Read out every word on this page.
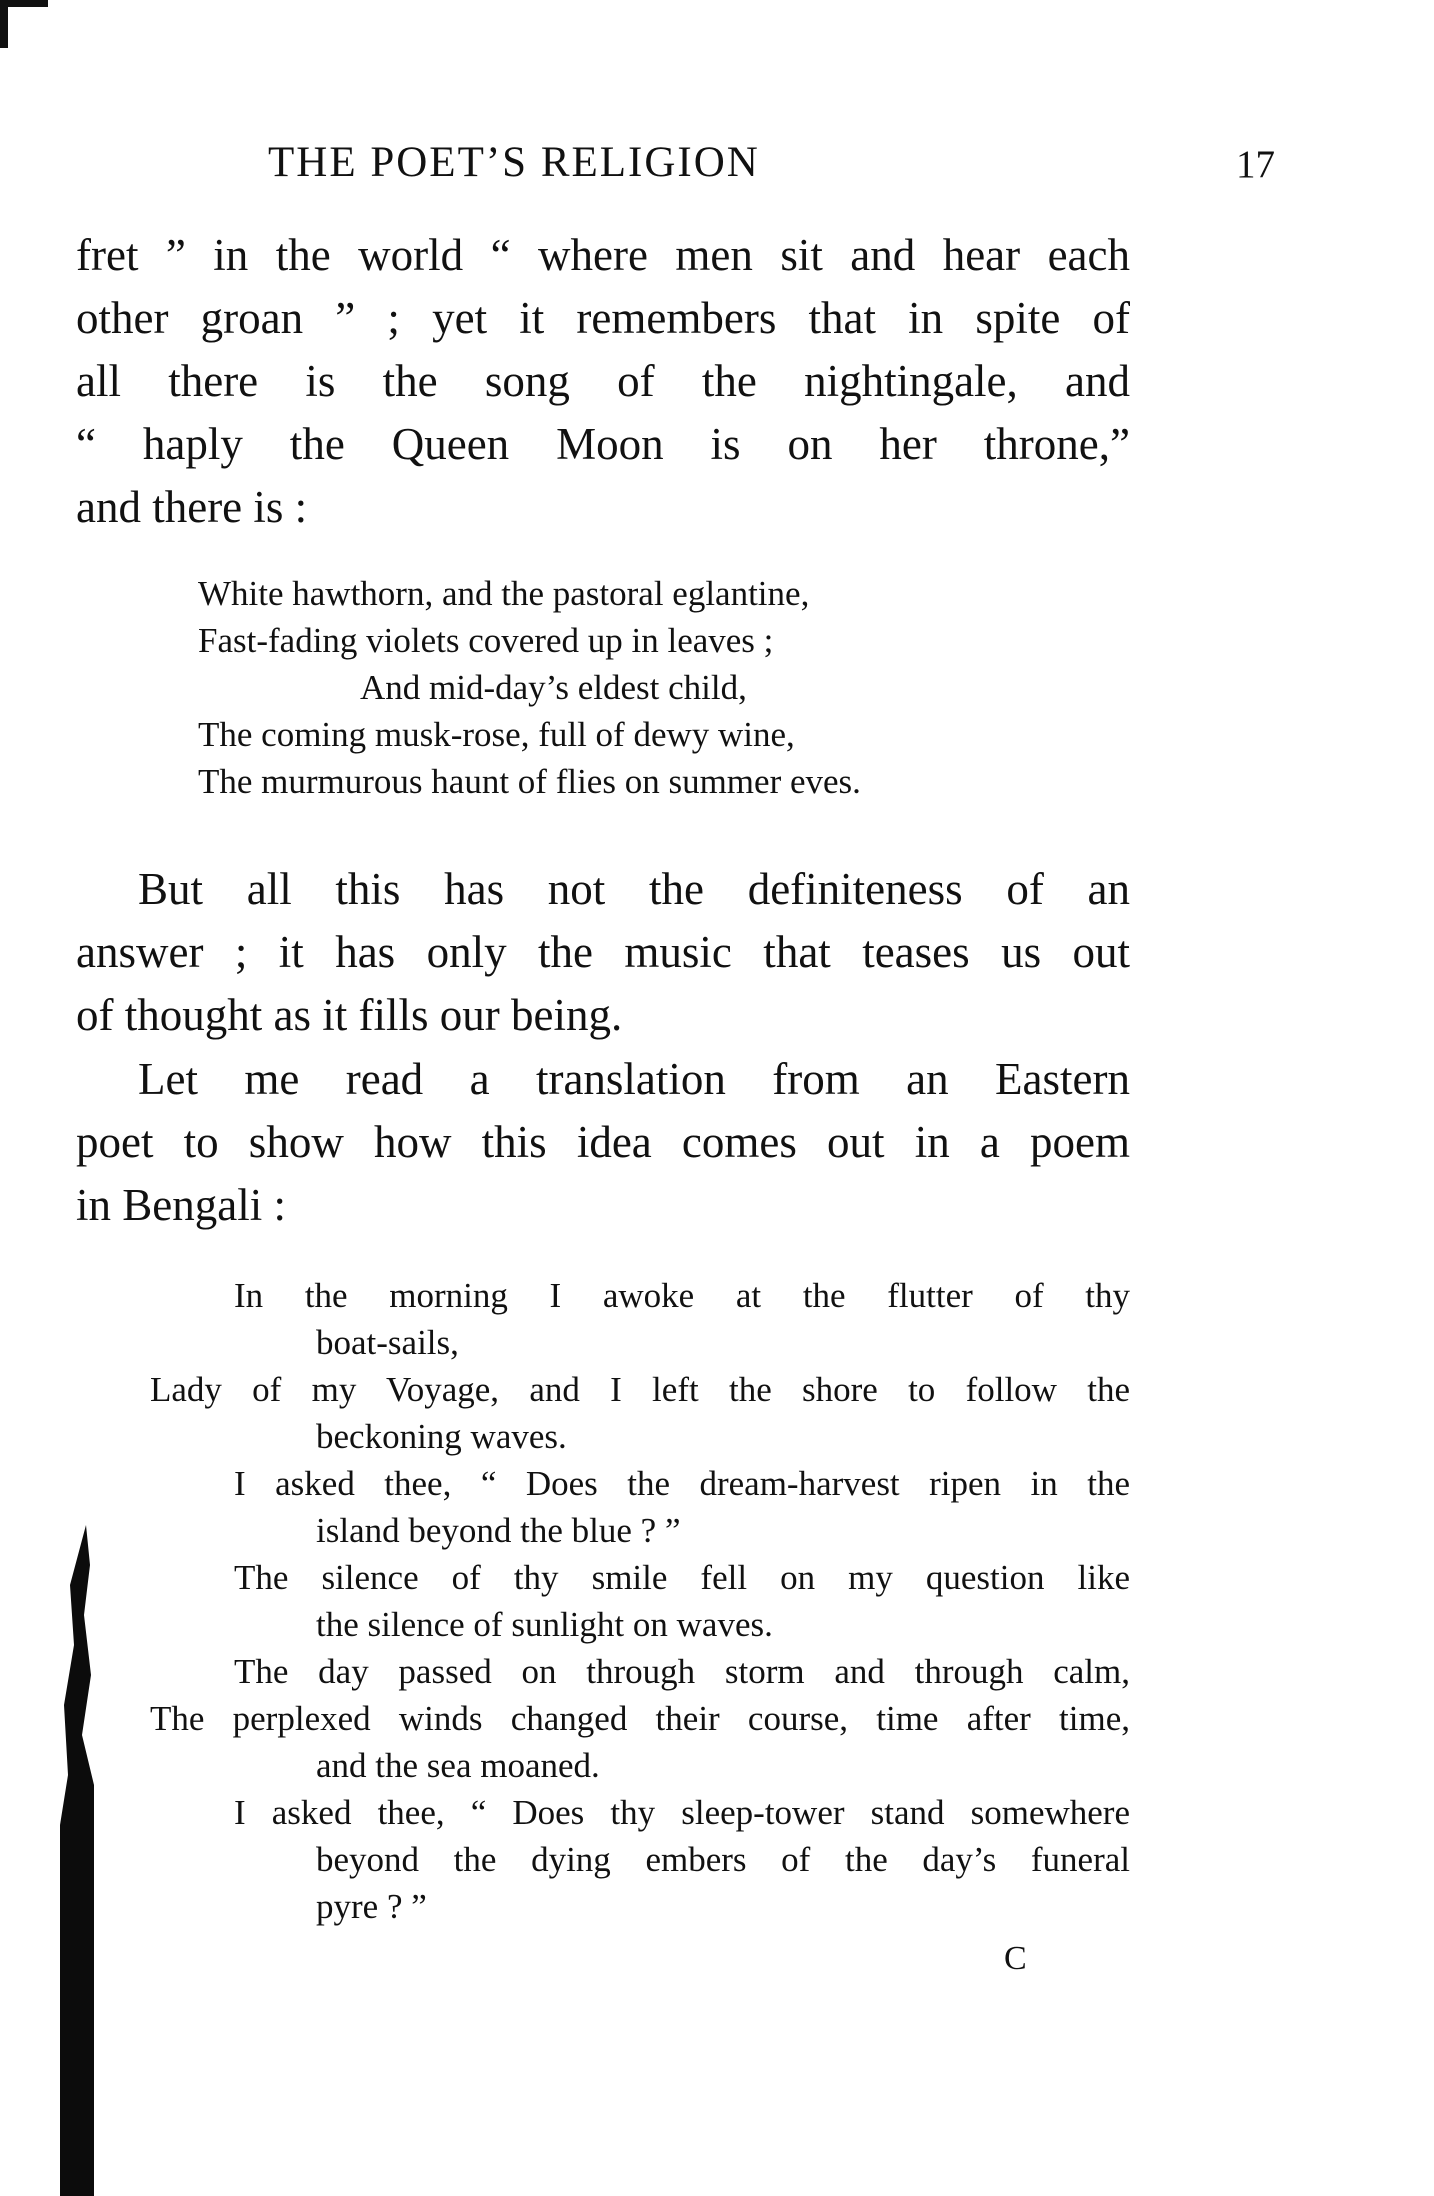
THE POET’S RELIGION	17

fret ” in the world “ where men sit and hear each
other groan ” ; yet it remembers that in spite of
all there is the song of the nightingale, and
“ haply the Queen Moon is on her throne,”
and there is :

White hawthorn, and the pastoral eglantine,
Fast-fading violets covered up in leaves ;
And mid-day’s eldest child,
The coming musk-rose, full of dewy wine,
The murmurous haunt of flies on summer eves.

But all this has not the definiteness of an
answer ; it has only the music that teases us out
of thought as it fills our being.

Let me read a translation from an Eastern
poet to show how this idea comes out in a poem
in Bengali :

In the morning I awoke at the flutter of thy
boat-sails,
Lady of my Voyage, and I left the shore to follow the
beckoning waves.
I asked thee, “ Does the dream-harvest ripen in the
island beyond the blue ? ”
The silence of thy smile fell on my question like
the silence of sunlight on waves.
The day passed on through storm and through calm,
The perplexed winds changed their course, time after time,
and the sea moaned.
I asked thee, “ Does thy sleep-tower stand somewhere
beyond the dying embers of the day’s funeral
pyre ? ”
C
